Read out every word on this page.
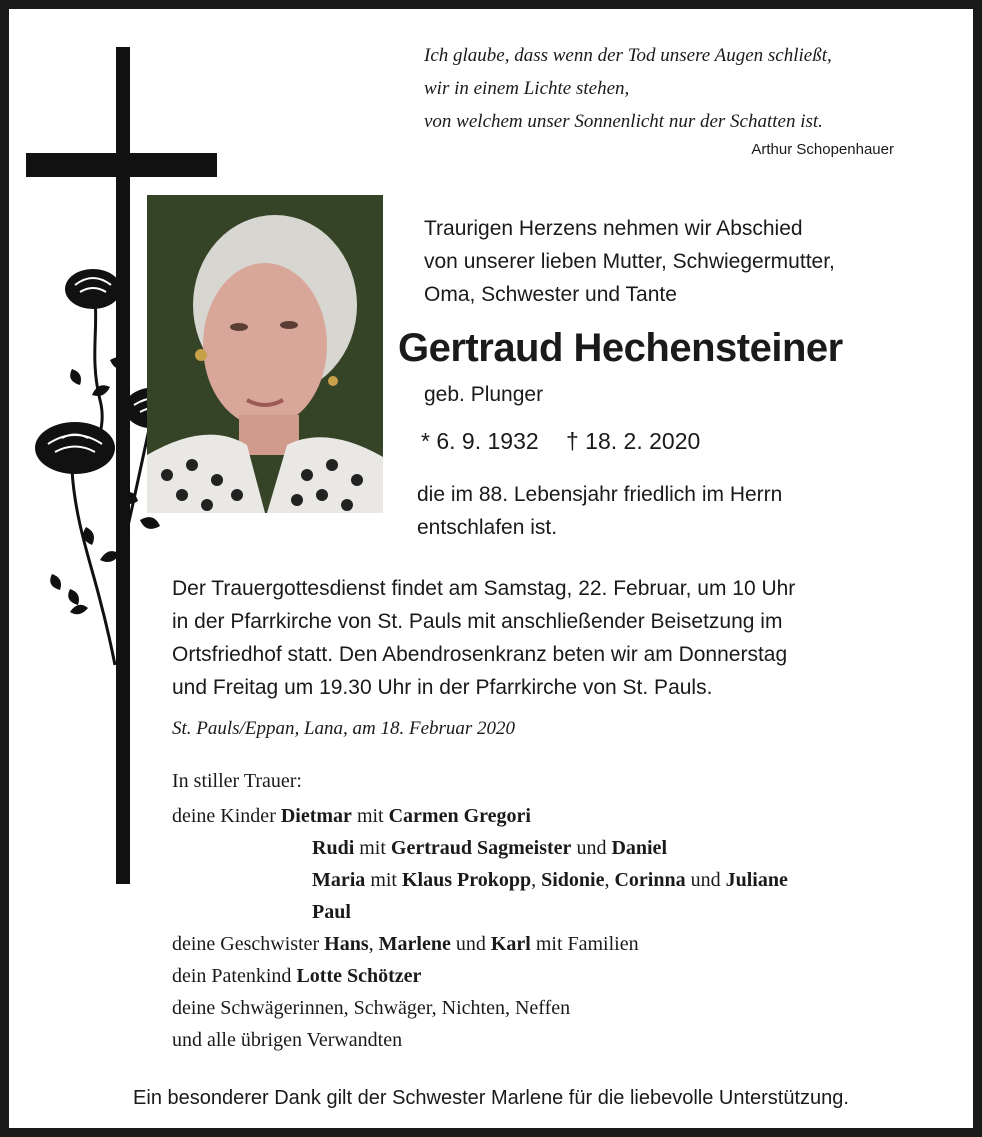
Ich glaube, dass wenn der Tod unsere Augen schließt,
wir in einem Lichte stehen,
von welchem unser Sonnenlicht nur der Schatten ist.
Arthur Schopenhauer
Traurigen Herzens nehmen wir Abschied
von unserer lieben Mutter, Schwiegermutter,
Oma, Schwester und Tante
Gertraud Hechensteiner
geb. Plunger
* 6. 9. 1932 † 18. 2. 2020
die im 88. Lebensjahr friedlich im Herrn
entschlafen ist.
Der Trauergottesdienst findet am Samstag, 22. Februar, um 10 Uhr
in der Pfarrkirche von St. Pauls mit anschließender Beisetzung im
Ortsfriedhof statt. Den Abendrosenkranz beten wir am Donnerstag
und Freitag um 19.30 Uhr in der Pfarrkirche von St. Pauls.
St. Pauls/Eppan, Lana, am 18. Februar 2020
In stiller Trauer:
deine Kinder Dietmar mit Carmen Gregori
Rudi mit Gertraud Sagmeister und Daniel
Maria mit Klaus Prokopp, Sidonie, Corinna und Juliane
Paul
deine Geschwister Hans, Marlene und Karl mit Familien
dein Patenkind Lotte Schötzer
deine Schwägerinnen, Schwäger, Nichten, Neffen
und alle übrigen Verwandten
Ein besonderer Dank gilt der Schwester Marlene für die liebevolle Unterstützung.
